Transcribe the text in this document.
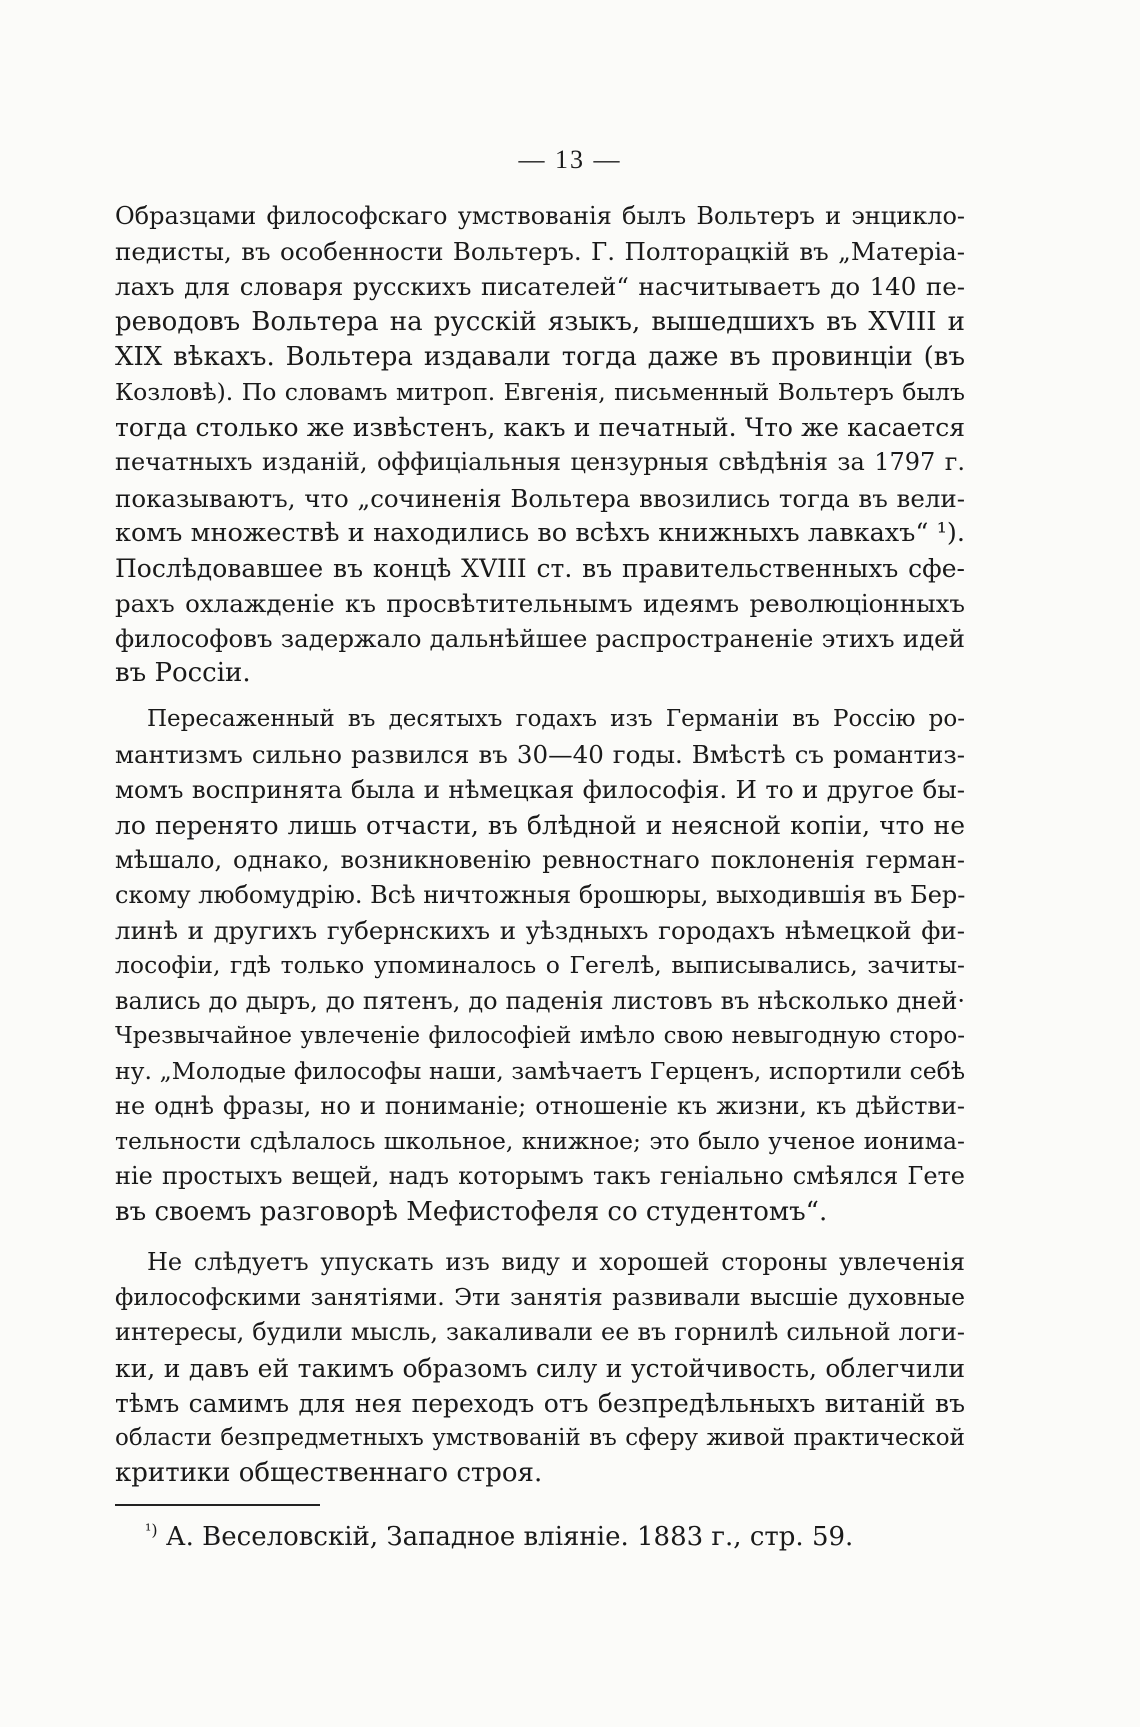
— 13 —
Образцами философскаго умствованія былъ Вольтеръ и энцикло-
педисты, въ особенности Вольтеръ. Г. Полторацкій въ „Матеріа-
лахъ для словаря русскихъ писателей“ насчитываетъ до 140 пе-
реводовъ Вольтера на русскій языкъ, вышедшихъ въ XVIII и
XIX вѣкахъ. Вольтера издавали тогда даже въ провинціи (въ
Козловѣ). По словамъ митроп. Евгенія, письменный Вольтеръ былъ
тогда столько же извѣстенъ, какъ и печатный. Что же касается
печатныхъ изданій, оффиціальныя цензурныя свѣдѣнія за 1797 г.
показываютъ, что „сочиненія Вольтера ввозились тогда въ вели-
комъ множествѣ и находились во всѣхъ книжныхъ лавкахъ“ ¹).
Послѣдовавшее въ концѣ XVIII ст. въ правительственныхъ сфе-
рахъ охлажденіе къ просвѣтительнымъ идеямъ революціонныхъ
философовъ задержало дальнѣйшее распространеніе этихъ идей
въ Россіи.
Пересаженный въ десятыхъ годахъ изъ Германіи въ Россію ро-
мантизмъ сильно развился въ 30—40 годы. Вмѣстѣ съ романтиз-
момъ воспринята была и нѣмецкая философія. И то и другое бы-
ло перенято лишь отчасти, въ блѣдной и неясной копіи, что не
мѣшало, однако, возникновенію ревностнаго поклоненія герман-
скому любомудрію. Всѣ ничтожныя брошюры, выходившія въ Бер-
линѣ и другихъ губернскихъ и уѣздныхъ городахъ нѣмецкой фи-
лософіи, гдѣ только упоминалось о Гегелѣ, выписывались, зачиты-
вались до дыръ, до пятенъ, до паденія листовъ въ нѣсколько дней·
Чрезвычайное увлеченіе философіей имѣло свою невыгодную сторо-
ну. „Молодые философы наши, замѣчаетъ Герценъ, испортили себѣ
не однѣ фразы, но и пониманіе; отношеніе къ жизни, къ дѣйстви-
тельности сдѣлалось школьное, книжное; это было ученое ионима-
ніе простыхъ вещей, надъ которымъ такъ геніально смѣялся Гете
въ своемъ разговорѣ Мефистофеля со студентомъ“.
Не слѣдуетъ упускать изъ виду и хорошей стороны увлеченія
философскими занятіями. Эти занятія развивали высшіе духовные
интересы, будили мысль, закаливали ее въ горнилѣ сильной логи-
ки, и давъ ей такимъ образомъ силу и устойчивость, облегчили
тѣмъ самимъ для нея переходъ отъ безпредѣльныхъ витаній въ
области безпредметныхъ умствованій въ сферу живой практической
критики общественнаго строя.
$^{^1)}$ А. Веселовскій, Западное вліяніе. 1883 г., стр. 59.
